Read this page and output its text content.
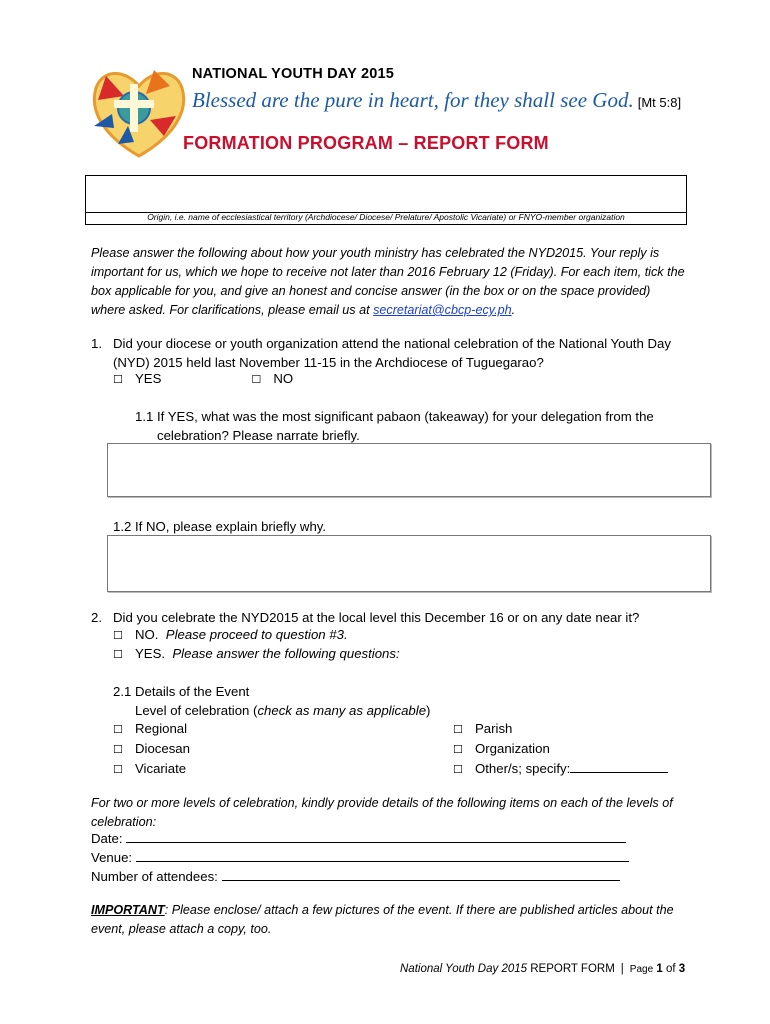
NATIONAL YOUTH DAY 2015
Blessed are the pure in heart, for they shall see God. [Mt 5:8]
FORMATION PROGRAM – REPORT FORM
Origin, i.e. name of ecclesiastical territory (Archdiocese/ Diocese/ Prelature/ Apostolic Vicariate) or FNYO-member organization
Please answer the following about how your youth ministry has celebrated the NYD2015. Your reply is important for us, which we hope to receive not later than 2016 February 12 (Friday). For each item, tick the box applicable for you, and give an honest and concise answer (in the box or on the space provided) where asked. For clarifications, please email us at secretariat@cbcp-ecy.ph.
1. Did your diocese or youth organization attend the national celebration of the National Youth Day (NYD) 2015 held last November 11-15 in the Archdiocese of Tuguegarao?
☐ YES	☐ NO
1.1 If YES, what was the most significant pabaon (takeaway) for your delegation from the celebration? Please narrate briefly.
1.2 If NO, please explain briefly why.
2. Did you celebrate the NYD2015 at the local level this December 16 or on any date near it?
☐ NO. Please proceed to question #3.
☐ YES. Please answer the following questions:
2.1 Details of the Event
Level of celebration (check as many as applicable)
☐ Regional
☐ Diocesan
☐ Vicariate
☐ Parish
☐ Organization
☐ Other/s; specify:
For two or more levels of celebration, kindly provide details of the following items on each of the levels of celebration:
Date:
Venue:
Number of attendees:
IMPORTANT: Please enclose/ attach a few pictures of the event. If there are published articles about the event, please attach a copy, too.
National Youth Day 2015 REPORT FORM | Page 1 of 3
